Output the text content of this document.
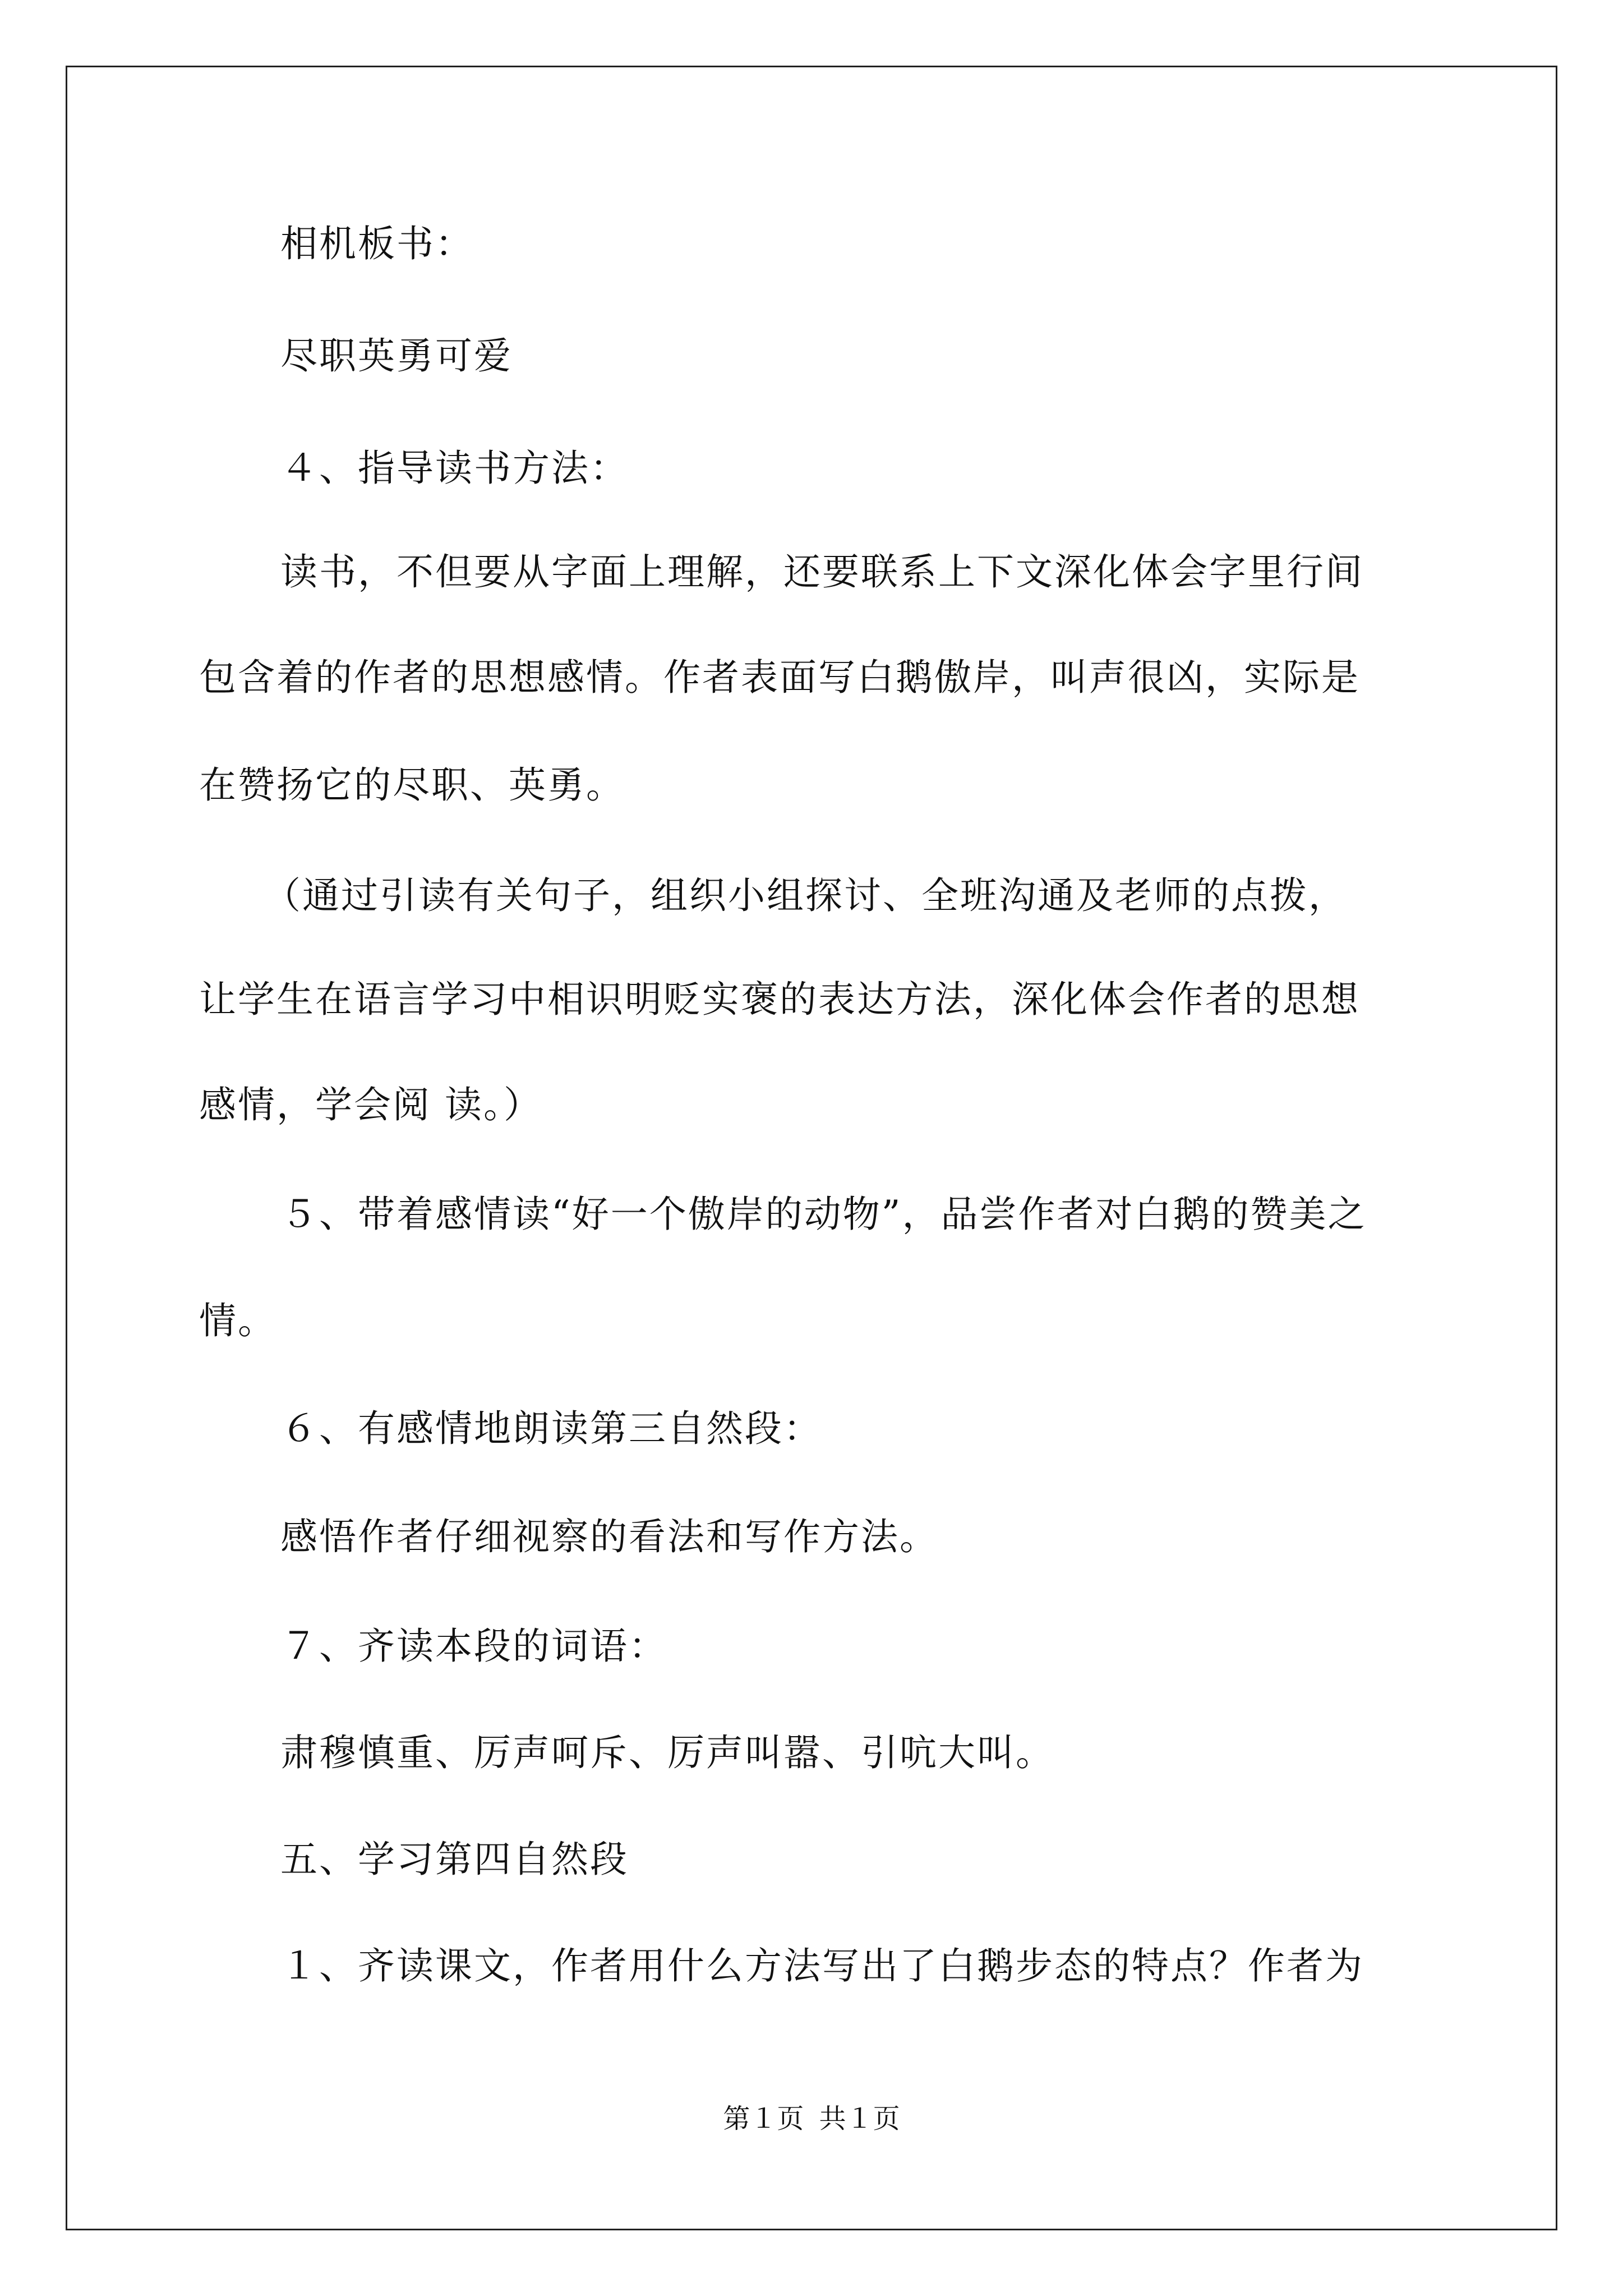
相机板书：
尽职英勇可爱
４、指导读书方法：
读书，不但要从字面上理解，还要联系上下文深化体会字里行间
包含着的作者的思想感情。作者表面写白鹅傲岸，叫声很凶，实际是
在赞扬它的尽职、英勇。
（通过引读有关句子，组织小组探讨、全班沟通及老师的点拨，
让学生在语言学习中相识明贬实褒的表达方法，深化体会作者的思想
感情，学会阅 读。）
５、带着感情读“好一个傲岸的动物”，品尝作者对白鹅的赞美之
情。
６、有感情地朗读第三自然段：
感悟作者仔细视察的看法和写作方法。
７、齐读本段的词语：
肃穆慎重、厉声呵斥、厉声叫嚣、引吭大叫。
五、学习第四自然段
１、齐读课文，作者用什么方法写出了白鹅步态的特点？作者为
第１页 共１页
